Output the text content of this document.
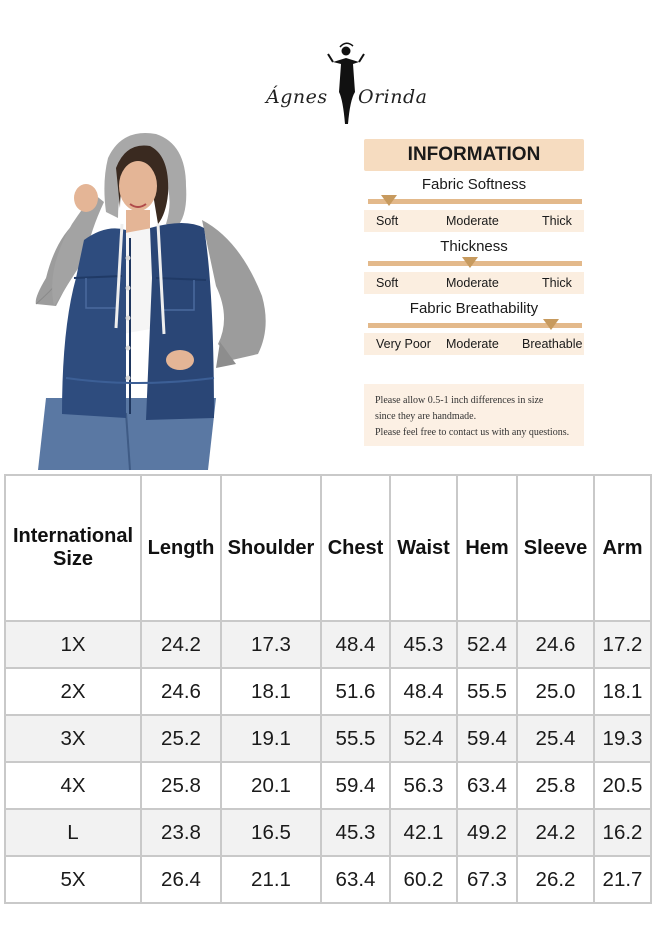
Ágnes Orinda
INFORMATION
Fabric Softness
Soft	Moderate	Thick
Thickness
Soft	Moderate	Thick
Fabric Breathability
Very Poor Moderate Breathable
Please allow 0.5-1 inch differences in size
since they are handmade.
Please feel free to contact us with any questions.
International Size	Length	Shoulder	Chest	Waist	Hem	Sleeve	Arm
1X	24.2	17.3	48.4	45.3	52.4	24.6	17.2
2X	24.6	18.1	51.6	48.4	55.5	25.0	18.1
3X	25.2	19.1	55.5	52.4	59.4	25.4	19.3
4X	25.8	20.1	59.4	56.3	63.4	25.8	20.5
L	23.8	16.5	45.3	42.1	49.2	24.2	16.2
5X	26.4	21.1	63.4	60.2	67.3	26.2	21.7
